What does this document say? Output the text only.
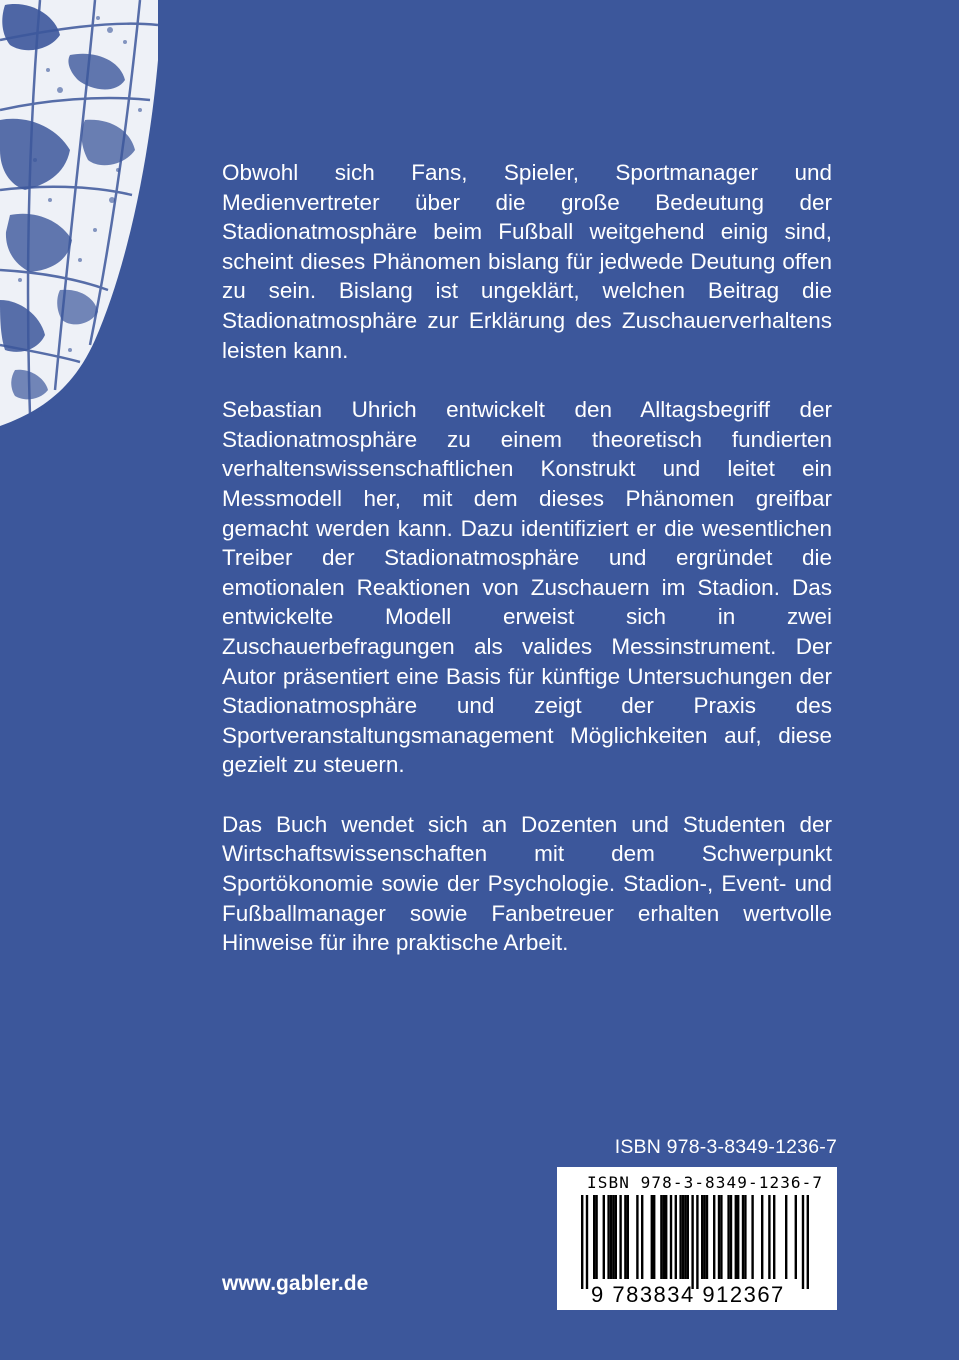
Obwohl sich Fans, Spieler, Sportmanager und Medienvertreter über die große Bedeutung der Stadionatmosphäre beim Fußball weitgehend einig sind, scheint dieses Phänomen bislang für jedwede Deutung offen zu sein. Bislang ist ungeklärt, welchen Beitrag die Stadionatmosphäre zur Erklärung des Zuschauerverhaltens leisten kann.

Sebastian Uhrich entwickelt den Alltagsbegriff der Stadionatmosphäre zu einem theoretisch fundierten verhaltenswissenschaftlichen Konstrukt und leitet ein Messmodell her, mit dem dieses Phänomen greifbar gemacht werden kann. Dazu identifiziert er die wesentlichen Treiber der Stadionatmosphäre und ergründet die emotionalen Reaktionen von Zuschauern im Stadion. Das entwickelte Modell erweist sich in zwei Zuschauerbefragungen als valides Messinstrument. Der Autor präsentiert eine Basis für künftige Untersuchungen der Stadionatmosphäre und zeigt der Praxis des Sportveranstaltungsmanagement Möglichkeiten auf, diese gezielt zu steuern.

Das Buch wendet sich an Dozenten und Studenten der Wirtschaftswissenschaften mit dem Schwerpunkt Sportökonomie sowie der Psychologie. Stadion-, Event- und Fußballmanager sowie Fanbetreuer erhalten wertvolle Hinweise für ihre praktische Arbeit.

ISBN 978-3-8349-1236-7
ISBN 978-3-8349-1236-7
9 783834 912367
www.gabler.de
